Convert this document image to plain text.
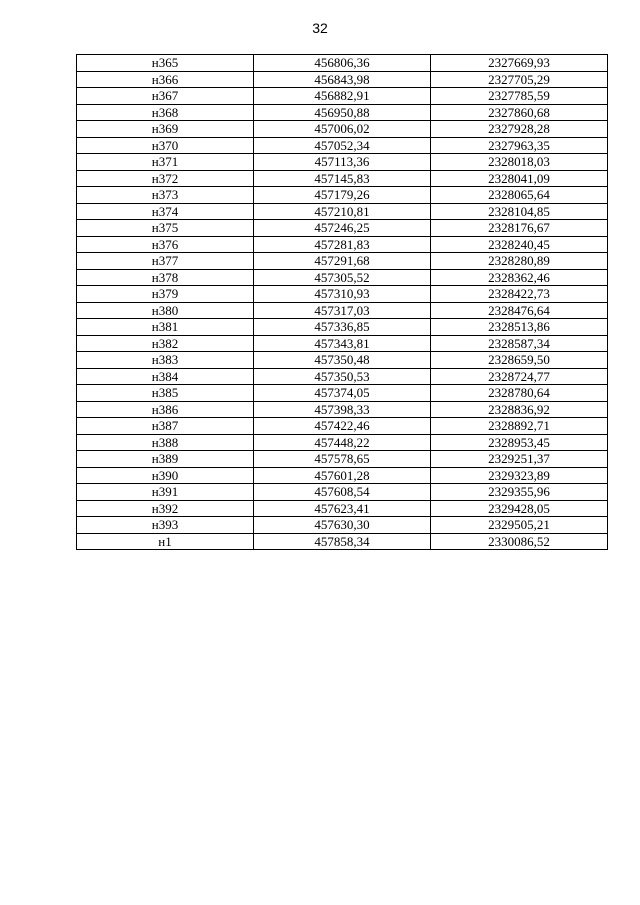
32
н365	456806,36	2327669,93
н366	456843,98	2327705,29
н367	456882,91	2327785,59
н368	456950,88	2327860,68
н369	457006,02	2327928,28
н370	457052,34	2327963,35
н371	457113,36	2328018,03
н372	457145,83	2328041,09
н373	457179,26	2328065,64
н374	457210,81	2328104,85
н375	457246,25	2328176,67
н376	457281,83	2328240,45
н377	457291,68	2328280,89
н378	457305,52	2328362,46
н379	457310,93	2328422,73
н380	457317,03	2328476,64
н381	457336,85	2328513,86
н382	457343,81	2328587,34
н383	457350,48	2328659,50
н384	457350,53	2328724,77
н385	457374,05	2328780,64
н386	457398,33	2328836,92
н387	457422,46	2328892,71
н388	457448,22	2328953,45
н389	457578,65	2329251,37
н390	457601,28	2329323,89
н391	457608,54	2329355,96
н392	457623,41	2329428,05
н393	457630,30	2329505,21
н1	457858,34	2330086,52
